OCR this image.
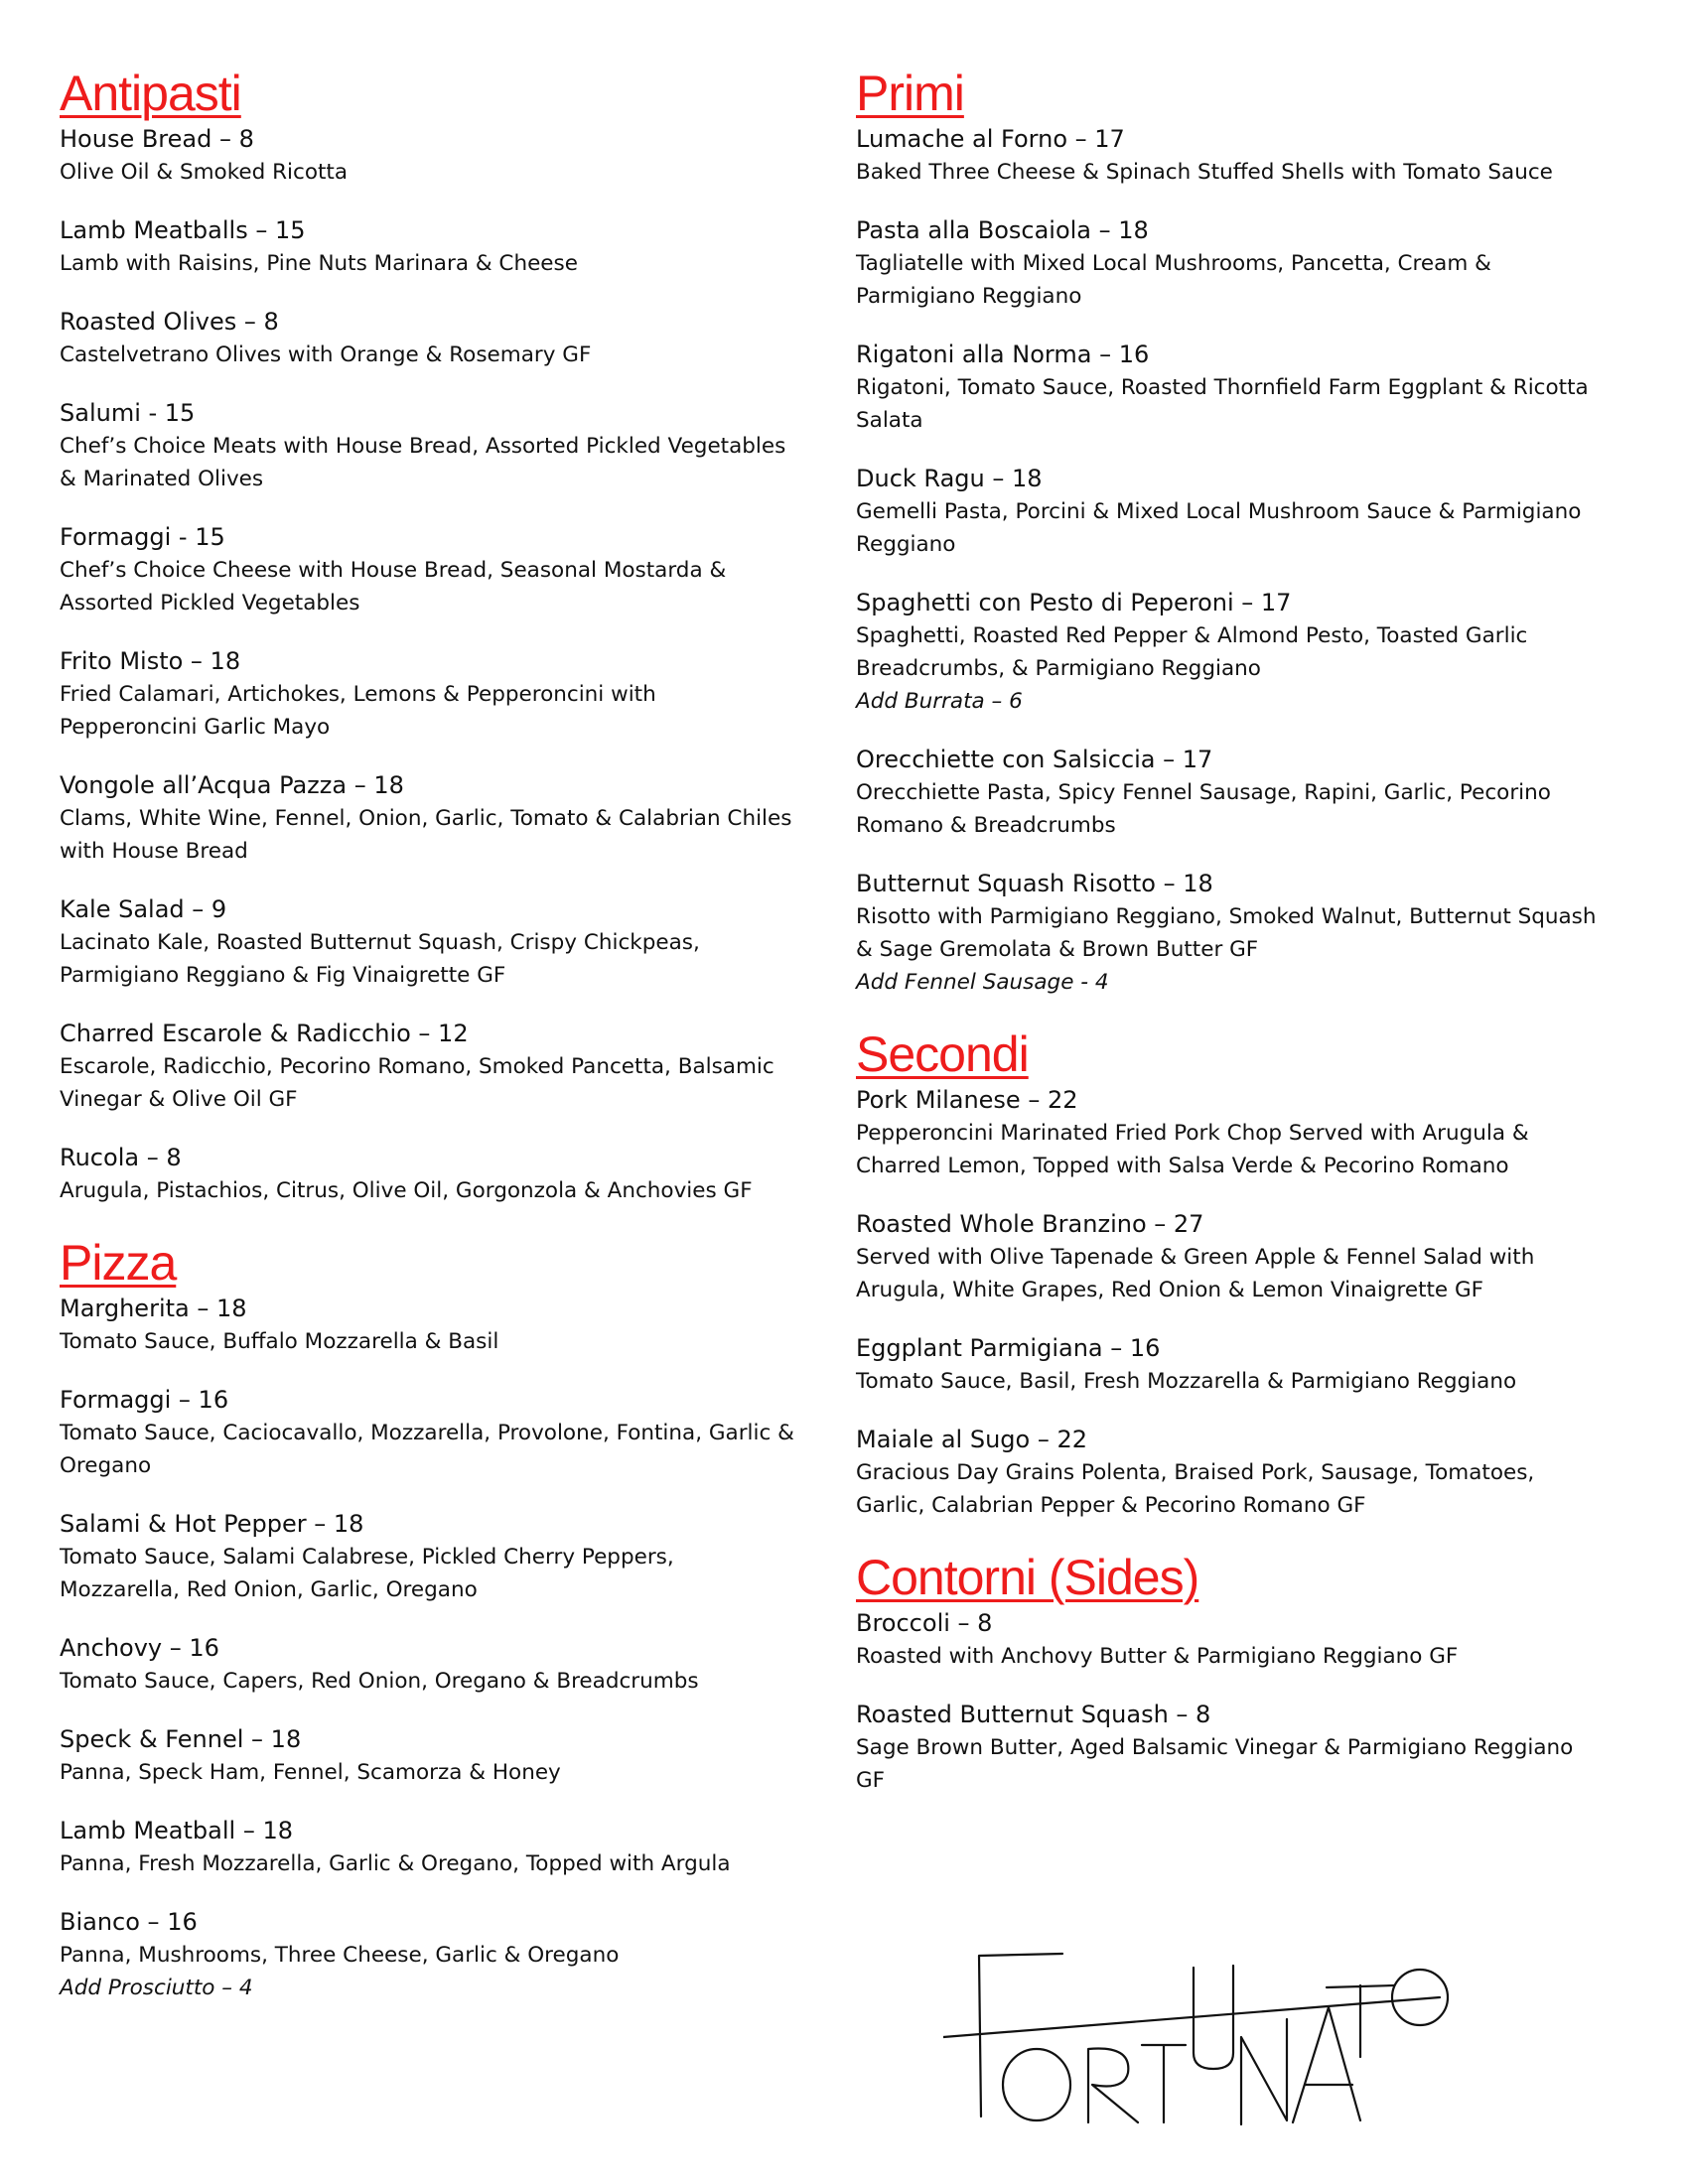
Antipasti
House Bread – 8
Olive Oil & Smoked Ricotta
Lamb Meatballs – 15
Lamb with Raisins, Pine Nuts Marinara & Cheese
Roasted Olives – 8
Castelvetrano Olives with Orange & Rosemary GF
Salumi - 15
Chef’s Choice Meats with House Bread, Assorted Pickled Vegetables
& Marinated Olives
Formaggi - 15
Chef’s Choice Cheese with House Bread, Seasonal Mostarda &
Assorted Pickled Vegetables
Frito Misto – 18
Fried Calamari, Artichokes, Lemons & Pepperoncini with
Pepperoncini Garlic Mayo
Vongole all’Acqua Pazza – 18
Clams, White Wine, Fennel, Onion, Garlic, Tomato & Calabrian Chiles
with House Bread
Kale Salad – 9
Lacinato Kale, Roasted Butternut Squash, Crispy Chickpeas,
Parmigiano Reggiano & Fig Vinaigrette GF
Charred Escarole & Radicchio – 12
Escarole, Radicchio, Pecorino Romano, Smoked Pancetta, Balsamic
Vinegar & Olive Oil GF
Rucola – 8
Arugula, Pistachios, Citrus, Olive Oil, Gorgonzola & Anchovies GF
Pizza
Margherita – 18
Tomato Sauce, Buffalo Mozzarella & Basil
Formaggi – 16
Tomato Sauce, Caciocavallo, Mozzarella, Provolone, Fontina, Garlic &
Oregano
Salami & Hot Pepper – 18
Tomato Sauce, Salami Calabrese, Pickled Cherry Peppers,
Mozzarella, Red Onion, Garlic, Oregano
Anchovy – 16
Tomato Sauce, Capers, Red Onion, Oregano & Breadcrumbs
Speck & Fennel – 18
Panna, Speck Ham, Fennel, Scamorza & Honey
Lamb Meatball – 18
Panna, Fresh Mozzarella, Garlic & Oregano, Topped with Argula
Bianco – 16
Panna, Mushrooms, Three Cheese, Garlic & Oregano
Add Prosciutto – 4
Primi
Lumache al Forno – 17
Baked Three Cheese & Spinach Stuffed Shells with Tomato Sauce
Pasta alla Boscaiola – 18
Tagliatelle with Mixed Local Mushrooms, Pancetta, Cream &
Parmigiano Reggiano
Rigatoni alla Norma – 16
Rigatoni, Tomato Sauce, Roasted Thornfield Farm Eggplant & Ricotta
Salata
Duck Ragu – 18
Gemelli Pasta, Porcini & Mixed Local Mushroom Sauce & Parmigiano
Reggiano
Spaghetti con Pesto di Peperoni – 17
Spaghetti, Roasted Red Pepper & Almond Pesto, Toasted Garlic
Breadcrumbs, & Parmigiano Reggiano
Add Burrata – 6
Orecchiette con Salsiccia – 17
Orecchiette Pasta, Spicy Fennel Sausage, Rapini, Garlic, Pecorino
Romano & Breadcrumbs
Butternut Squash Risotto – 18
Risotto with Parmigiano Reggiano, Smoked Walnut, Butternut Squash
& Sage Gremolata & Brown Butter GF
Add Fennel Sausage - 4
Secondi
Pork Milanese – 22
Pepperoncini Marinated Fried Pork Chop Served with Arugula &
Charred Lemon, Topped with Salsa Verde & Pecorino Romano
Roasted Whole Branzino – 27
Served with Olive Tapenade & Green Apple & Fennel Salad with
Arugula, White Grapes, Red Onion & Lemon Vinaigrette GF
Eggplant Parmigiana – 16
Tomato Sauce, Basil, Fresh Mozzarella & Parmigiano Reggiano
Maiale al Sugo – 22
Gracious Day Grains Polenta, Braised Pork, Sausage, Tomatoes,
Garlic, Calabrian Pepper & Pecorino Romano GF
Contorni (Sides)
Broccoli – 8
Roasted with Anchovy Butter & Parmigiano Reggiano GF
Roasted Butternut Squash – 8
Sage Brown Butter, Aged Balsamic Vinegar & Parmigiano Reggiano
GF
